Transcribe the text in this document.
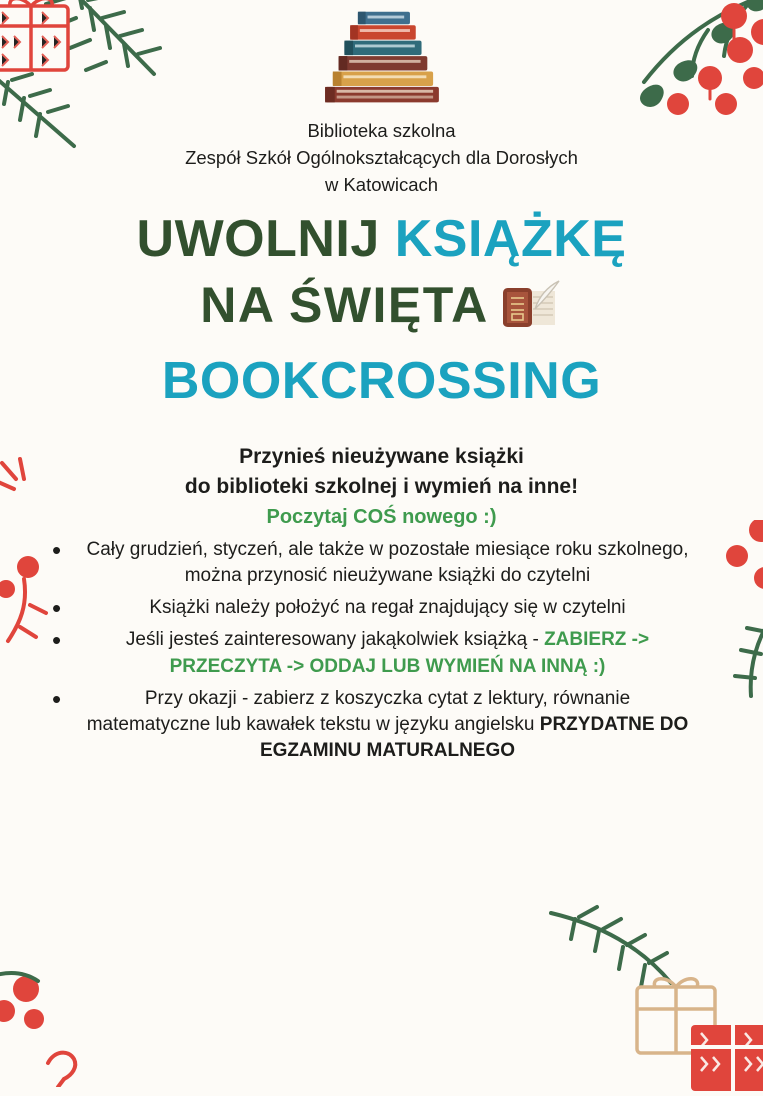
Biblioteka szkolna
Zespół Szkół Ogólnokształcących dla Dorosłych
w Katowicach
UWOLNIJ KSIĄŻKĘ
NA ŚWIĘTA
BOOKCROSSING
Przynieś nieużywane książki
do biblioteki szkolnej i wymień na inne!
Poczytaj COŚ nowego :)
• Cały grudzień, styczeń, ale także w pozostałe miesiące roku szkolnego, można przynosić nieużywane książki do czytelni
• Książki należy położyć na regał znajdujący się w czytelni
• Jeśli jesteś zainteresowany jakąkolwiek książką - ZABIERZ -> PRZECZYTA -> ODDAJ LUB WYMIEŃ NA INNĄ :)
• Przy okazji - zabierz z koszyczka cytat z lektury, równanie matematyczne lub kawałek tekstu w języku angielsku PRZYDATNE DO EGZAMINU MATURALNEGO
